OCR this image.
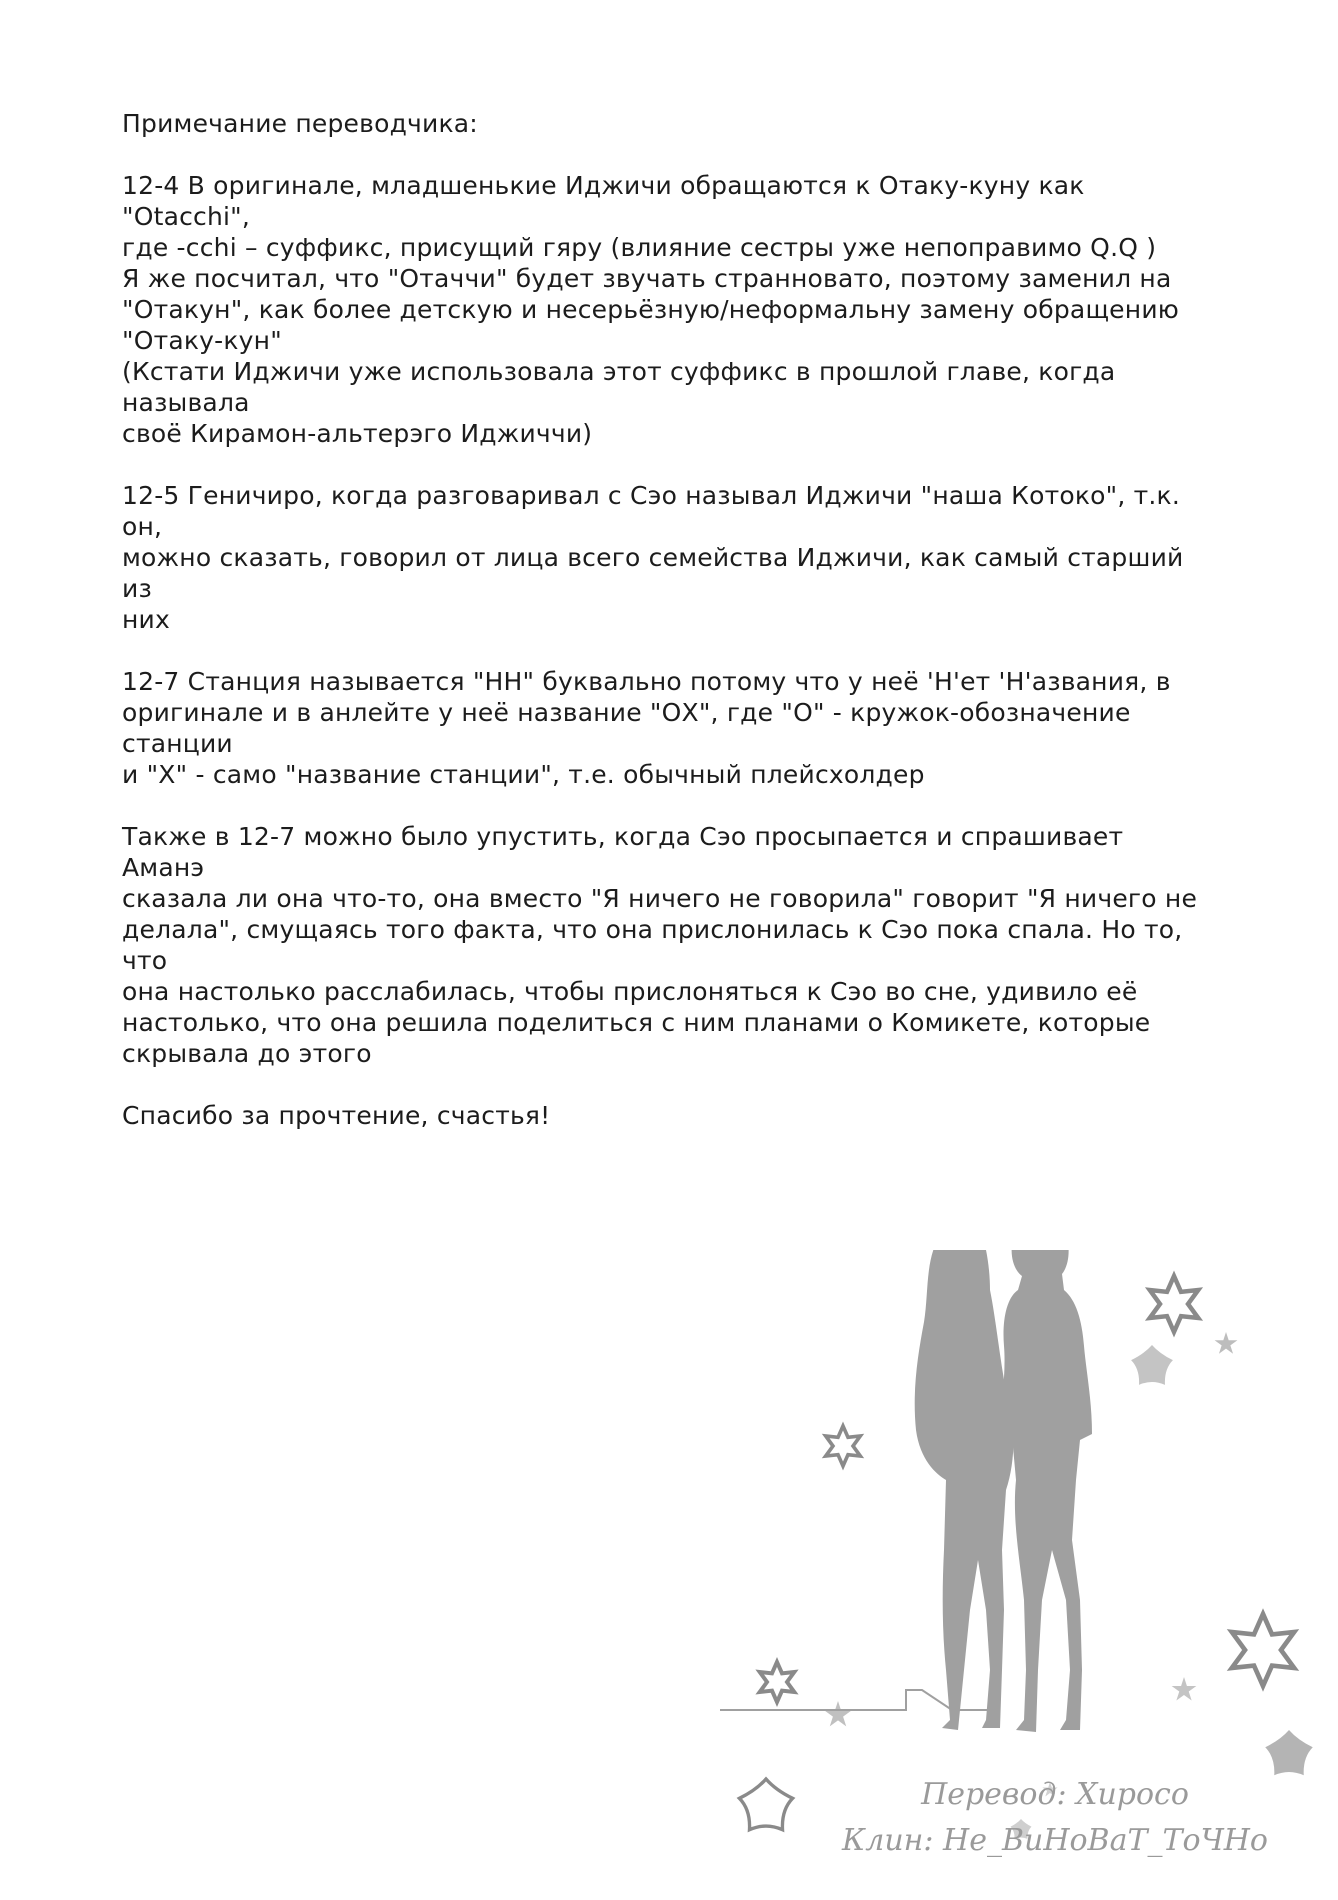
Примечание переводчика:

12-4 В оригинале, младшенькие Иджичи обращаются к Отаку-куну как "Otacchi",
где -cchi – суффикс, присущий гяру (влияние сестры уже непоправимо Q.Q )
Я же посчитал, что "Отаччи" будет звучать странновато, поэтому заменил на
"Отакун", как более детскую и несерьёзную/неформальну замену обращению
"Отаку-кун"
(Кстати Иджичи уже использовала этот суффикс в прошлой главе, когда называла
своё Кирамон-альтерэго Иджиччи)

12-5 Геничиро, когда разговаривал с Сэо называл Иджичи "наша Котоко", т.к. он,
можно сказать, говорил от лица всего семейства Иджичи, как самый старший из
них

12-7 Станция называется "НН" буквально потому что у неё 'Н'ет 'Н'азвания, в
оригинале и в анлейте у неё название "ОХ", где "О" - кружок-обозначение станции
и "Х" - само "название станции", т.е. обычный плейсхолдер

Также в 12-7 можно было упустить, когда Сэо просыпается и спрашивает Аманэ
сказала ли она что-то, она вместо "Я ничего не говорила" говорит "Я ничего не
делала", смущаясь того факта, что она прислонилась к Сэо пока спала. Но то, что
она настолько расслабилась, чтобы прислоняться к Сэо во сне, удивило её
настолько, что она решила поделиться с ним планами о Комикете, которые
скрывала до этого

Спасибо за прочтение, счастья!

Перевод: Хиросо
Клин: Не_ВиНоВаТ_ТоЧНо
